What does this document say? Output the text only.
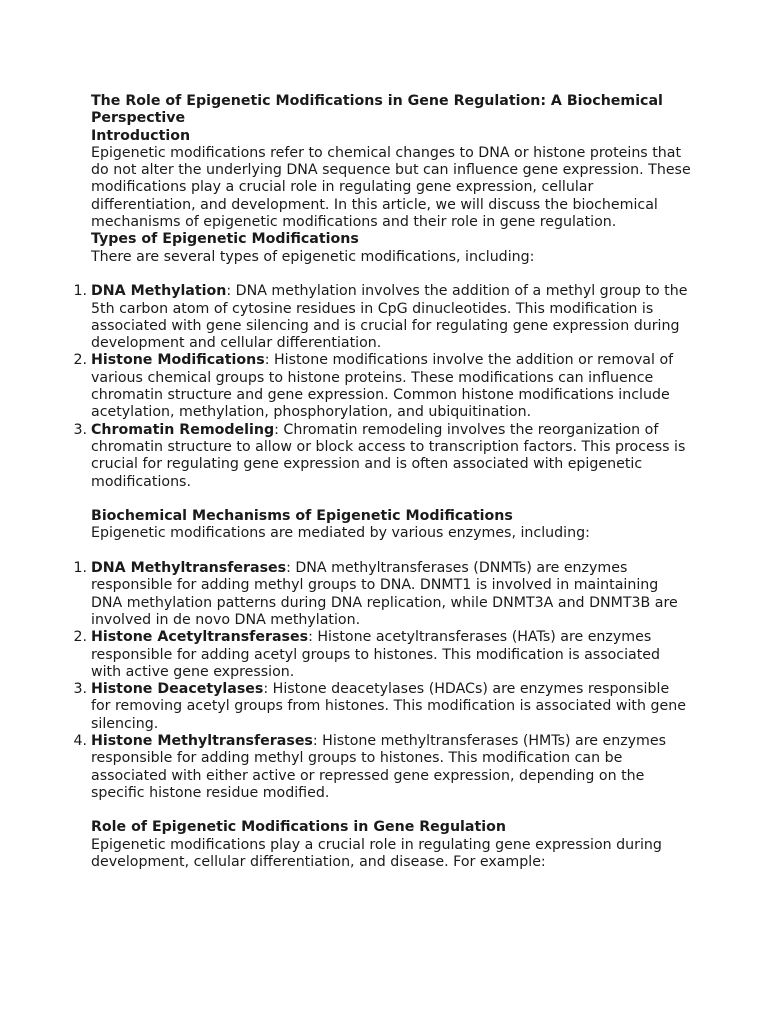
The Role of Epigenetic Modifications in Gene Regulation: A Biochemical Perspective

Introduction

Epigenetic modifications refer to chemical changes to DNA or histone proteins that do not alter the underlying DNA sequence but can influence gene expression. These modifications play a crucial role in regulating gene expression, cellular differentiation, and development. In this article, we will discuss the biochemical mechanisms of epigenetic modifications and their role in gene regulation.

Types of Epigenetic Modifications

There are several types of epigenetic modifications, including:

1. DNA Methylation: DNA methylation involves the addition of a methyl group to the 5th carbon atom of cytosine residues in CpG dinucleotides. This modification is associated with gene silencing and is crucial for regulating gene expression during development and cellular differentiation.
2. Histone Modifications: Histone modifications involve the addition or removal of various chemical groups to histone proteins. These modifications can influence chromatin structure and gene expression. Common histone modifications include acetylation, methylation, phosphorylation, and ubiquitination.
3. Chromatin Remodeling: Chromatin remodeling involves the reorganization of chromatin structure to allow or block access to transcription factors. This process is crucial for regulating gene expression and is often associated with epigenetic modifications.

Biochemical Mechanisms of Epigenetic Modifications

Epigenetic modifications are mediated by various enzymes, including:

1. DNA Methyltransferases: DNA methyltransferases (DNMTs) are enzymes responsible for adding methyl groups to DNA. DNMT1 is involved in maintaining DNA methylation patterns during DNA replication, while DNMT3A and DNMT3B are involved in de novo DNA methylation.
2. Histone Acetyltransferases: Histone acetyltransferases (HATs) are enzymes responsible for adding acetyl groups to histones. This modification is associated with active gene expression.
3. Histone Deacetylases: Histone deacetylases (HDACs) are enzymes responsible for removing acetyl groups from histones. This modification is associated with gene silencing.
4. Histone Methyltransferases: Histone methyltransferases (HMTs) are enzymes responsible for adding methyl groups to histones. This modification can be associated with either active or repressed gene expression, depending on the specific histone residue modified.

Role of Epigenetic Modifications in Gene Regulation

Epigenetic modifications play a crucial role in regulating gene expression during development, cellular differentiation, and disease. For example:
